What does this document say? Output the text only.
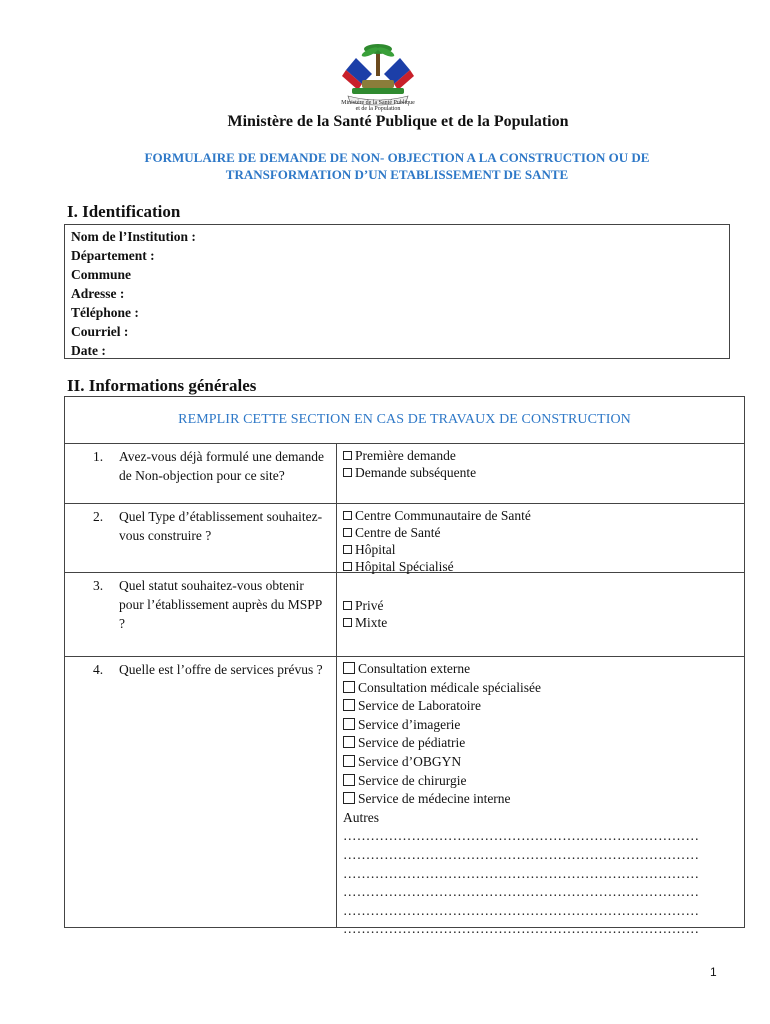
Ministère de la Santé Publique
et de la Population
Ministère de la Santé Publique et de la Population
FORMULAIRE DE DEMANDE DE NON- OBJECTION A LA CONSTRUCTION OU DE
TRANSFORMATION D’UN ETABLISSEMENT DE SANTE
I. Identification
Nom de l’Institution :
Département :
Commune
Adresse :
Téléphone :
Courriel :
Date :
II. Informations générales
REMPLIR CETTE SECTION EN CAS DE TRAVAUX DE CONSTRUCTION
1.	Avez-vous déjà formulé une demande de Non-objection pour ce site?
Première demande
Demande subséquente
2.	Quel Type d’établissement souhaitez-vous construire ?
Centre Communautaire de Santé
Centre de Santé
Hôpital
Hôpital Spécialisé
3.	Quel statut souhaitez-vous obtenir pour l’établissement auprès du MSPP ?
Privé
Mixte
4.	Quelle est l’offre de services prévus ?	Consultation externe
Consultation médicale spécialisée
Service de Laboratoire
Service d’imagerie
Service de pédiatrie
Service d’OBGYN
Service de chirurgie
Service de médecine interne
Autres
……………………………………………………………………
……………………………………………………………………
……………………………………………………………………
……………………………………………………………………
……………………………………………………………………
……………………………………………………………………
1
